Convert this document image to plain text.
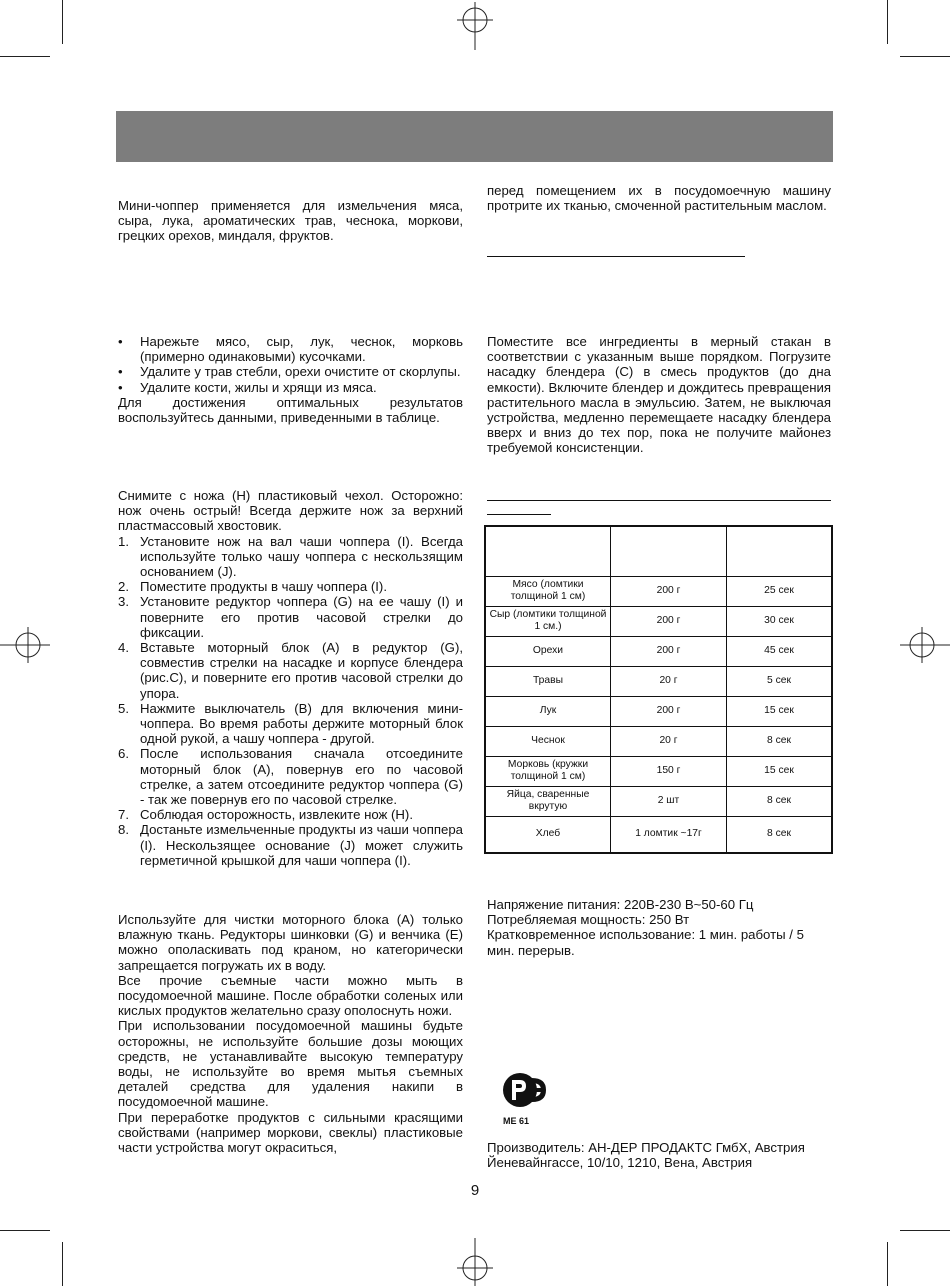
Мини-чоппер применяется для измельчения мяса, сыра, лука, ароматических трав, чеснока, моркови, грецких орехов, миндаля, фруктов.

• Нарежьте мясо, сыр, лук, чеснок, морковь (примерно одинаковыми) кусочками.
• Удалите у трав стебли, орехи очистите от скорлупы.
• Удалите кости, жилы и хрящи из мяса.

Для достижения оптимальных результатов воспользуйтесь данными, приведенными в таблице.

Снимите с ножа (H) пластиковый чехол. Осторожно: нож очень острый! Всегда держите нож за верхний пластмассовый хвостовик.

1. Установите нож на вал чаши чоппера (I). Всегда используйте только чашу чоппера с нескользящим основанием (J).
2. Поместите продукты в чашу чоппера (I).
3. Установите редуктор чоппера (G) на ее чашу (I) и поверните его против часовой стрелки до фиксации.
4. Вставьте моторный блок (A) в редуктор (G), совместив стрелки на насадке и корпусе блендера (рис.С), и поверните его против часовой стрелки до упора.
5. Нажмите выключатель (B) для включения мини-чоппера. Во время работы держите моторный блок одной рукой, а чашу чоппера - другой.
6. После использования сначала отсоедините моторный блок (A), повернув его по часовой стрелке, а затем отсоедините редуктор чоппера (G) - так же повернув его по часовой стрелке.
7. Соблюдая осторожность, извлеките нож (H).
8. Достаньте измельченные продукты из чаши чоппера (I). Нескользящее основание (J) может служить герметичной крышкой для чаши чоппера (I).

Используйте для чистки моторного блока (A) только влажную ткань. Редукторы шинковки (G) и венчика (E) можно ополаскивать под краном, но категорически запрещается погружать их в воду.

Все прочие съемные части можно мыть в посудомоечной машине. После обработки соленых или кислых продуктов желательно сразу ополоснуть ножи.

При использовании посудомоечной машины будьте осторожны, не используйте большие дозы моющих средств, не устанавливайте высокую температуру воды, не используйте во время мытья съемных деталей средства для удаления накипи в посудомоечной машине.

При переработке продуктов с сильными красящими свойствами (например моркови, свеклы) пластиковые части устройства могут окраситься,

перед помещением их в посудомоечную машину протрите их тканью, смоченной растительным маслом.

Поместите все ингредиенты в мерный стакан в соответствии с указанным выше порядком. Погрузите насадку блендера (C) в смесь продуктов (до дна емкости). Включите блендер и дождитесь превращения растительного масла в эмульсию. Затем, не выключая устройства, медленно перемещаете насадку блендера вверх и вниз до тех пор, пока не получите майонез требуемой консистенции.

Мясо (ломтики толщиной 1 см)	200 г	25 сек
Сыр (ломтики толщиной 1 см.)	200 г	30 сек
Орехи	200 г	45 сек
Травы	20 г	5 сек
Лук	200 г	15 сек
Чеснок	20 г	8 сек
Морковь (кружки толщиной 1 см)	150 г	15 сек
Яйца, сваренные вкрутую	2 шт	8 сек
Хлеб	1 ломтик ~17г	8 сек

Напряжение питания: 220В-230 В~50-60 Гц

Потребляемая мощность: 250 Вт

Кратковременное использование: 1 мин. работы / 5 мин. перерыв.

ME 61

Производитель: АН-ДЕР ПРОДАКТС ГмбХ, Австрия

Йеневайнгассе, 10/10, 1210, Вена, Австрия

9
